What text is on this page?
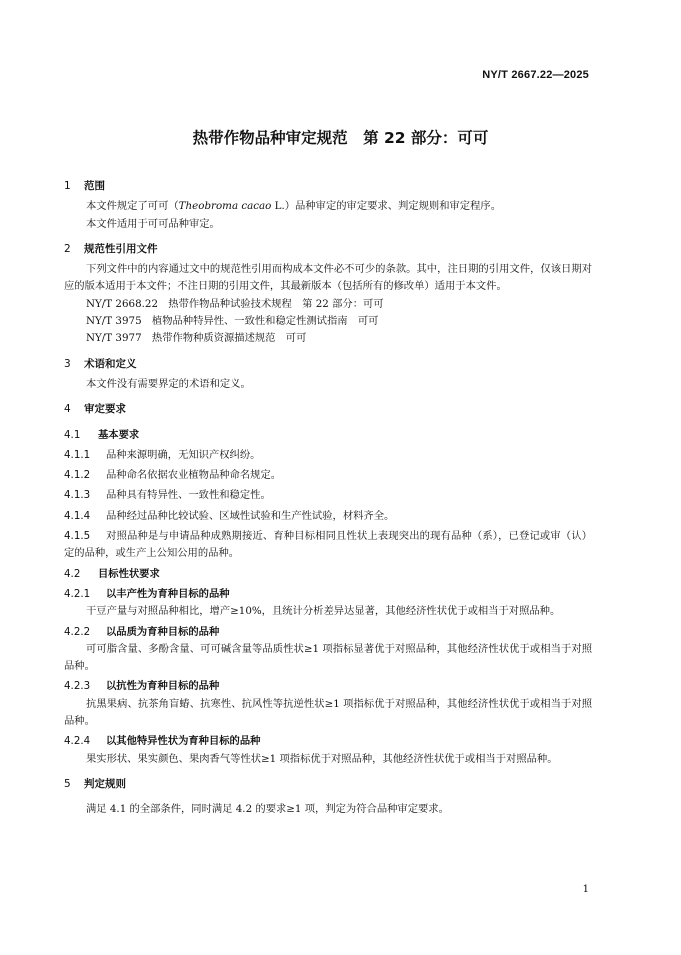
NY/T 2667.22—2025
热带作物品种审定规范　第 22 部分：可可
1 范围

本文件规定了可可（Theobroma cacao L.）品种审定的审定要求、判定规则和审定程序。

本文件适用于可可品种审定。

2 规范性引用文件

下列文件中的内容通过文中的规范性引用而构成本文件必不可少的条款。其中，注日期的引用文件，仅该日期对应的版本适用于本文件；不注日期的引用文件，其最新版本（包括所有的修改单）适用于本文件。

NY/T 2668.22　热带作物品种试验技术规程　第 22 部分：可可

NY/T 3975　植物品种特异性、一致性和稳定性测试指南　可可

NY/T 3977　热带作物种质资源描述规范　可可

3 术语和定义

本文件没有需要界定的术语和定义。

4 审定要求
4.1 基本要求

4.1.1 品种来源明确，无知识产权纠纷。

4.1.2 品种命名依据农业植物品种命名规定。

4.1.3 品种具有特异性、一致性和稳定性。

4.1.4 品种经过品种比较试验、区域性试验和生产性试验，材料齐全。

4.1.5 对照品种是与申请品种成熟期接近、育种目标相同且性状上表现突出的现有品种（系），已登记或审（认）定的品种，或生产上公知公用的品种。

4.2 目标性状要求
4.2.1 以丰产性为育种目标的品种

干豆产量与对照品种相比，增产≥10%，且统计分析差异达显著，其他经济性状优于或相当于对照品种。

4.2.2 以品质为育种目标的品种

可可脂含量、多酚含量、可可碱含量等品质性状≥1 项指标显著优于对照品种，其他经济性状优于或相当于对照品种。

4.2.3 以抗性为育种目标的品种

抗黑果病、抗茶角盲蝽、抗寒性、抗风性等抗逆性状≥1 项指标优于对照品种，其他经济性状优于或相当于对照品种。

4.2.4 以其他特异性状为育种目标的品种

果实形状、果实颜色、果肉香气等性状≥1 项指标优于对照品种，其他经济性状优于或相当于对照品种。

5 判定规则

满足 4.1 的全部条件，同时满足 4.2 的要求≥1 项，判定为符合品种审定要求。

1
